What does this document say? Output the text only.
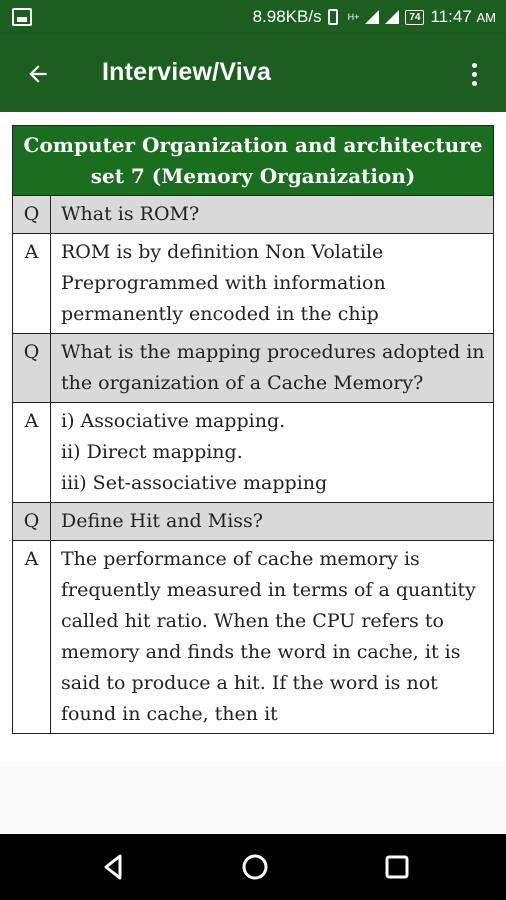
8.98KB/s	H+	74 11:47
AM
Interview/Viva
Computer Organization and architecture set 7 (Memory Organization)	
Q	What is ROM?
A	ROM is by definition Non Volatile Preprogrammed with information permanently encoded in the chip
Q	What is the mapping procedures adopted in the organization of a Cache Memory?
A	i) Associative mapping.
ii) Direct mapping.
iii) Set-associative mapping

Q	Define Hit and Miss?
A	The performance of cache memory is frequently measured in terms of a quantity called hit ratio. When the CPU refers to memory and finds the word in cache, it is said to produce a hit. If the word is not found in cache, then it
